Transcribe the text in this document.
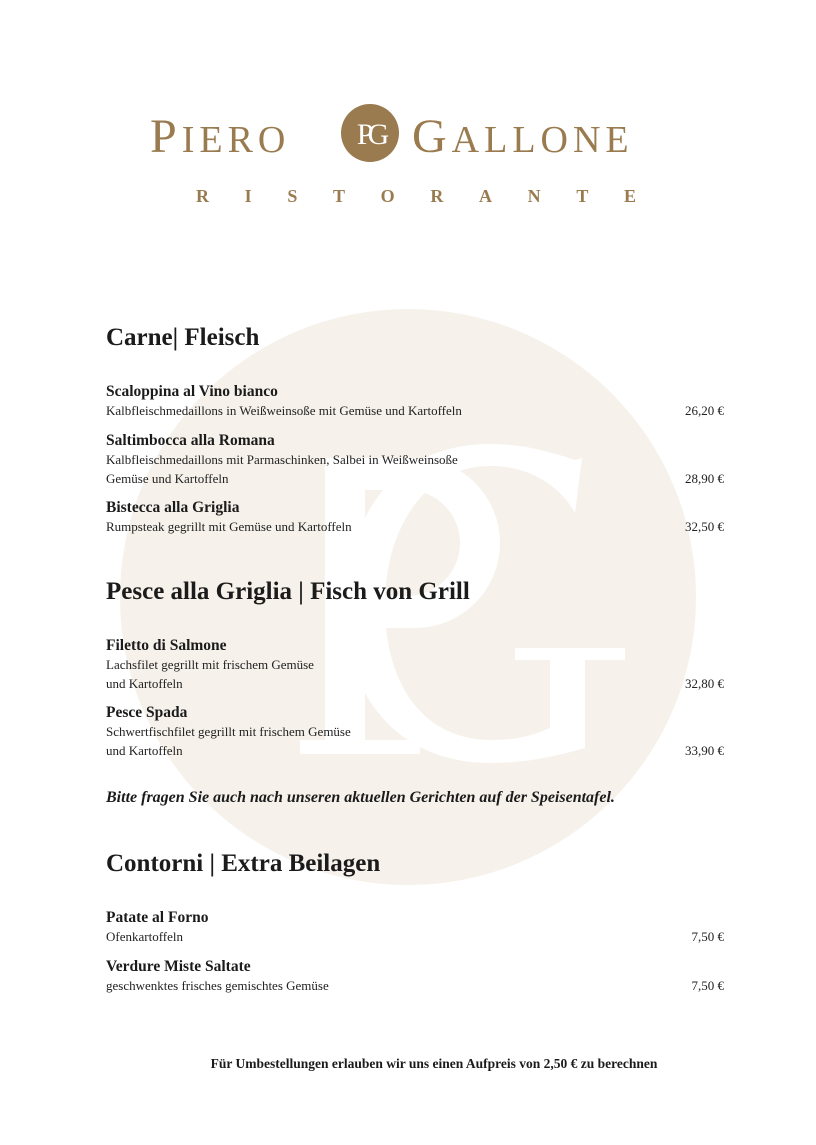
PIERO PG GALLONE
R I S T O R A N T E
Carne| Fleisch
Scaloppina al Vino bianco
Kalbfleischmedaillons in Weißweinsoße mit Gemüse und Kartoffeln	26,20 €
Saltimbocca alla Romana
Kalbfleischmedaillons mit Parmaschinken, Salbei in Weißweinsoße
Gemüse und Kartoffeln	28,90 €
Bistecca alla Griglia
Rumpsteak gegrillt mit Gemüse und Kartoffeln	32,50 €
Pesce alla Griglia | Fisch von Grill
Filetto di Salmone
Lachsfilet gegrillt mit frischem Gemüse
und Kartoffeln	32,80 €
Pesce Spada
Schwertfischfilet gegrillt mit frischem Gemüse
und Kartoffeln	33,90 €
Bitte fragen Sie auch nach unseren aktuellen Gerichten auf der Speisentafel.
Contorni | Extra Beilagen
Patate al Forno
Ofenkartoffeln	7,50 €
Verdure Miste Saltate
geschwenktes frisches gemischtes Gemüse	7,50 €
Für Umbestellungen erlauben wir uns einen Aufpreis von 2,50 € zu berechnen
